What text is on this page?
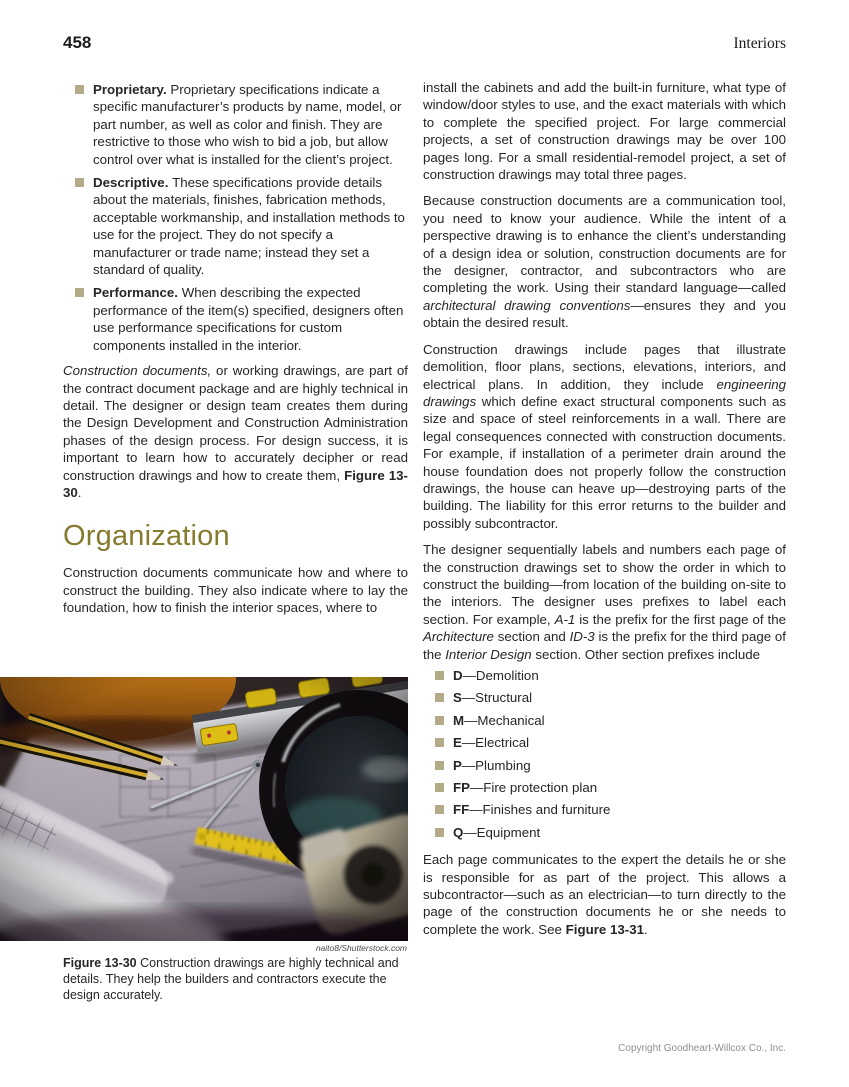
458	Interiors
Proprietary. Proprietary specifications indicate a specific manufacturer’s products by name, model, or part number, as well as color and finish. They are restrictive to those who wish to bid a job, but allow control over what is installed for the client’s project.
Descriptive. These specifications provide details about the materials, finishes, fabrication methods, acceptable workmanship, and installation methods to use for the project. They do not specify a manufacturer or trade name; instead they set a standard of quality.
Performance. When describing the expected performance of the item(s) specified, designers often use performance specifications for custom components installed in the interior.

Construction documents, or working drawings, are part of the contract document package and are highly technical in detail. The designer or design team creates them during the Design Development and Construction Administration phases of the design process. For design success, it is important to learn how to accurately decipher or read construction drawings and how to create them, Figure 13-30.

Organization

Construction documents communicate how and where to construct the building. They also indicate where to lay the foundation, how to finish the interior spaces, where to

naito8/Shutterstock.com
Figure 13-30 Construction drawings are highly technical and details. They help the builders and contractors execute the design accurately.

install the cabinets and add the built-in furniture, what type of window/door styles to use, and the exact materials with which to complete the specified project. For large commercial projects, a set of construction drawings may be over 100 pages long. For a small residential-remodel project, a set of construction drawings may total three pages.

Because construction documents are a communication tool, you need to know your audience. While the intent of a perspective drawing is to enhance the client’s understanding of a design idea or solution, construction documents are for the designer, contractor, and subcontractors who are completing the work. Using their standard language—called architectural drawing conventions—ensures they and you obtain the desired result.

Construction drawings include pages that illustrate demolition, floor plans, sections, elevations, interiors, and electrical plans. In addition, they include engineering drawings which define exact structural components such as size and space of steel reinforcements in a wall. There are legal consequences connected with construction documents. For example, if installation of a perimeter drain around the house foundation does not properly follow the construction drawings, the house can heave up—destroying parts of the building. The liability for this error returns to the builder and possibly subcontractor.

The designer sequentially labels and numbers each page of the construction drawings set to show the order in which to construct the building—from location of the building on-site to the interiors. The designer uses prefixes to label each section. For example, A-1 is the prefix for the first page of the Architecture section and ID-3 is the prefix for the third page of the Interior Design section. Other section prefixes include

D—Demolition
S—Structural
M—Mechanical
E—Electrical
P—Plumbing
FP—Fire protection plan
FF—Finishes and furniture
Q—Equipment

Each page communicates to the expert the details he or she is responsible for as part of the project. This allows a subcontractor—such as an electrician—to turn directly to the page of the construction documents he or she needs to complete the work. See Figure 13-31.

Copyright Goodheart-Willcox Co., Inc.
